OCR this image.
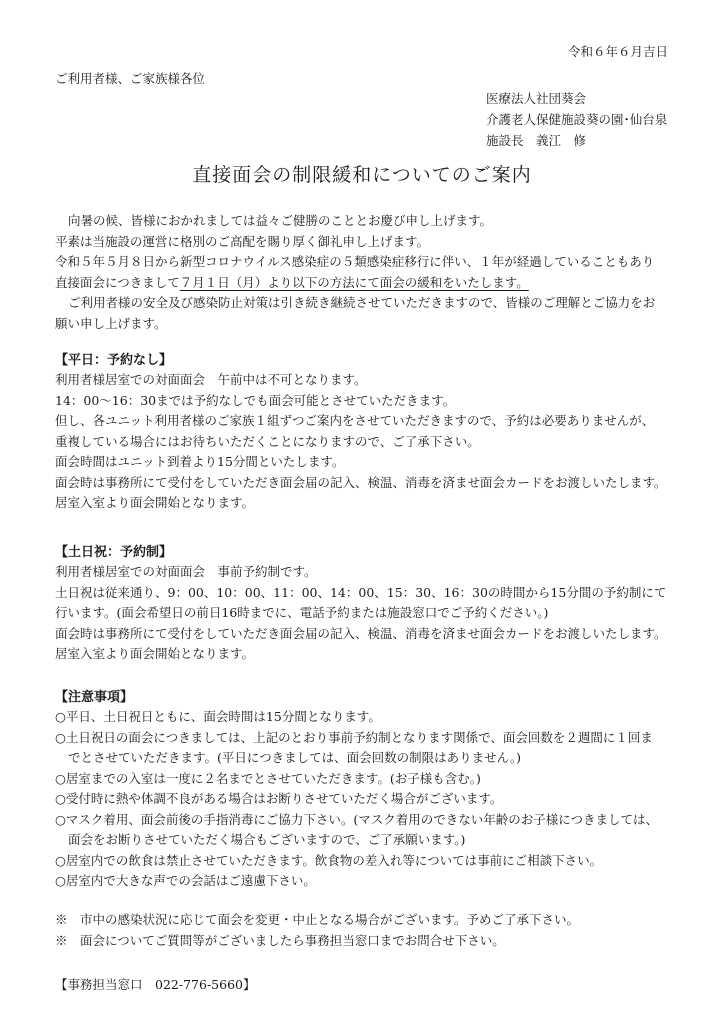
令和６年６月吉日
ご利用者様、ご家族様各位
医療法人社団葵会
介護老人保健施設葵の園･仙台泉
施設長　義江　修
直接面会の制限緩和についてのご案内

向暑の候、皆様におかれましては益々ご健勝のこととお慶び申し上げます。

平素は当施設の運営に格別のご高配を賜り厚く御礼申し上げます。

令和５年５月８日から新型コロナウイルス感染症の５類感染症移行に伴い、１年が経過していることもあり

直接面会につきまして７月１日（月）より以下の方法にて面会の緩和をいたします。

ご利用者様の安全及び感染防止対策は引き続き継続させていただきますので、皆様のご理解とご協力をお

願い申し上げます。

【平日：予約なし】

利用者様居室での対面面会　午前中は不可となります。

14：00～16：30までは予約なしでも面会可能とさせていただきます。

但し、各ユニット利用者様のご家族１組ずつご案内をさせていただきますので、予約は必要ありませんが、

重複している場合にはお待ちいただくことになりますので、ご了承下さい。

面会時間はユニット到着より15分間といたします。

面会時は事務所にて受付をしていただき面会届の記入、検温、消毒を済ませ面会カードをお渡しいたします。

居室入室より面会開始となります。

【土日祝：予約制】

利用者様居室での対面面会　事前予約制です。

土日祝は従来通り、9：00、10：00、11：00、14：00、15：30、16：30の時間から15分間の予約制にて

行います。(面会希望日の前日16時までに、電話予約または施設窓口でご予約ください。)

面会時は事務所にて受付をしていただき面会届の記入、検温、消毒を済ませ面会カードをお渡しいたします。

居室入室より面会開始となります。

【注意事項】

○平日、土日祝日ともに、面会時間は15分間となります。

○土日祝日の面会につきましては、上記のとおり事前予約制となります関係で、面会回数を２週間に１回ま

でとさせていただきます。(平日につきましては、面会回数の制限はありません。)

○居室までの入室は一度に２名までとさせていただきます。(お子様も含む。)

○受付時に熱や体調不良がある場合はお断りさせていただく場合がございます。

○マスク着用、面会前後の手指消毒にご協力下さい。(マスク着用のできない年齢のお子様につきましては、

面会をお断りさせていただく場合もございますので、ご了承願います。)

○居室内での飲食は禁止させていただきます。飲食物の差入れ等については事前にご相談下さい。

○居室内で大きな声での会話はご遠慮下さい。

※　市中の感染状況に応じて面会を変更・中止となる場合がございます。予めご了承下さい。

※　面会についてご質問等がございましたら事務担当窓口までお問合せ下さい。

【事務担当窓口　022-776-5660】
